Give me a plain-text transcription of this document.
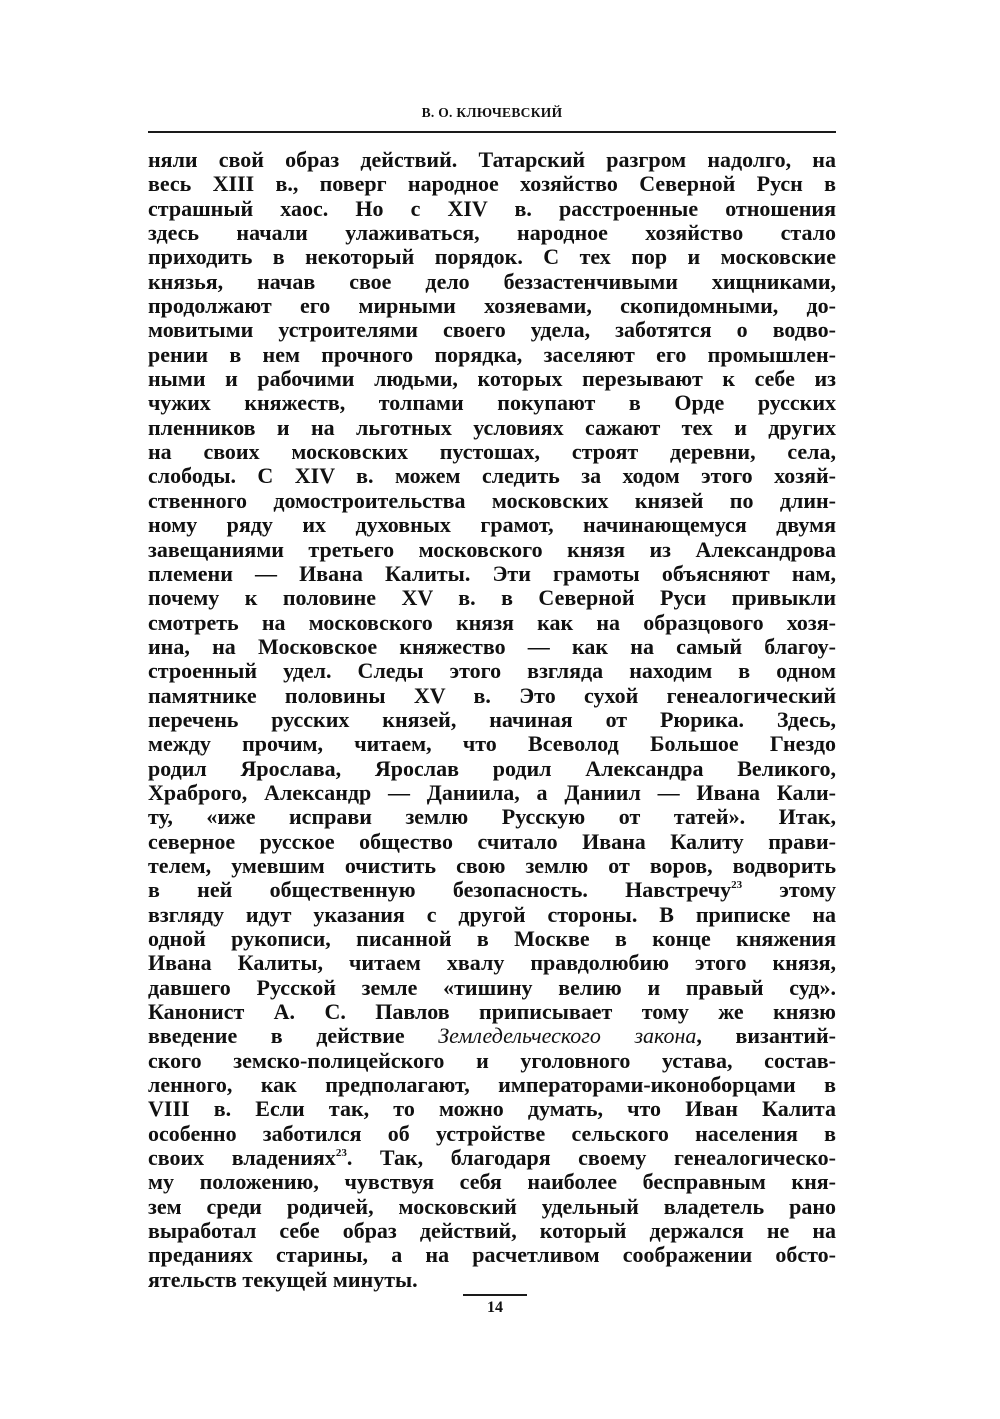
В. О. КЛЮЧЕВСКИЙ
няли свой образ действий. Татарский разгром надолго, на
весь XIII в., поверг народное хозяйство Северной Русн в
страшный хаос. Но с XIV в. расстроенные отношения
здесь начали улаживаться, народное хозяйство стало
приходить в некоторый порядок. С тех пор и московские
князья, начав свое дело беззастенчивыми хищниками,
продолжают его мирными хозяевами, скопидомными, до-
мовитыми устроителями своего удела, заботятся о водво-
рении в нем прочного порядка, заселяют его промышлен-
ными и рабочими людьми, которых перезывают к себе из
чужих княжеств, толпами покупают в Орде русских
пленников и на льготных условиях сажают тех и других
на своих московских пустошах, строят деревни, села,
слободы. С XIV в. можем следить за ходом этого хозяй-
ственного домостроительства московских князей по длин-
ному ряду их духовных грамот, начинающемуся двумя
завещаниями третьего московского князя из Александрова
племени — Ивана Калиты. Эти грамоты объясняют нам,
почему к половине XV в. в Северной Руси привыкли
смотреть на московского князя как на образцового хозя-
ина, на Московское княжество — как на самый благоу-
строенный удел. Следы этого взгляда находим в одном
памятнике половины XV в. Это сухой генеалогический
перечень русских князей, начиная от Рюрика. Здесь,
между прочим, читаем, что Всеволод Большое Гнездо
родил Ярослава, Ярослав родил Александра Великого,
Храброго, Александр — Даниила, а Даниил — Ивана Кали-
ту, «иже исправи землю Русскую от татей». Итак,
северное русское общество считало Ивана Калиту прави-
телем, умевшим очистить свою землю от воров, водворить
в ней общественную безопасность. Навстречу$^{23}$ этому
взгляду идут указания с другой стороны. В приписке на
одной рукописи, писанной в Москве в конце княжения
Ивана Калиты, читаем хвалу правдолюбию этого князя,
давшего Русской земле «тишину велию и правый суд».
Канонист А. С. Павлов приписывает тому же князю
введение в действие Земледельческого закона, византий-
ского земско-полицейского и уголовного устава, состав-
ленного, как предполагают, императорами-иконоборцами в
VIII в. Если так, то можно думать, что Иван Калита
особенно заботился об устройстве сельского населения в
своих владениях$^{23}$. Так, благодаря своему генеалогическо-
му положению, чувствуя себя наиболее бесправным кня-
зем среди родичей, московский удельный владетель рано
выработал себе образ действий, который держался не на
преданиях старины, а на расчетливом соображении обсто-
ятельств текущей минуты.
14
